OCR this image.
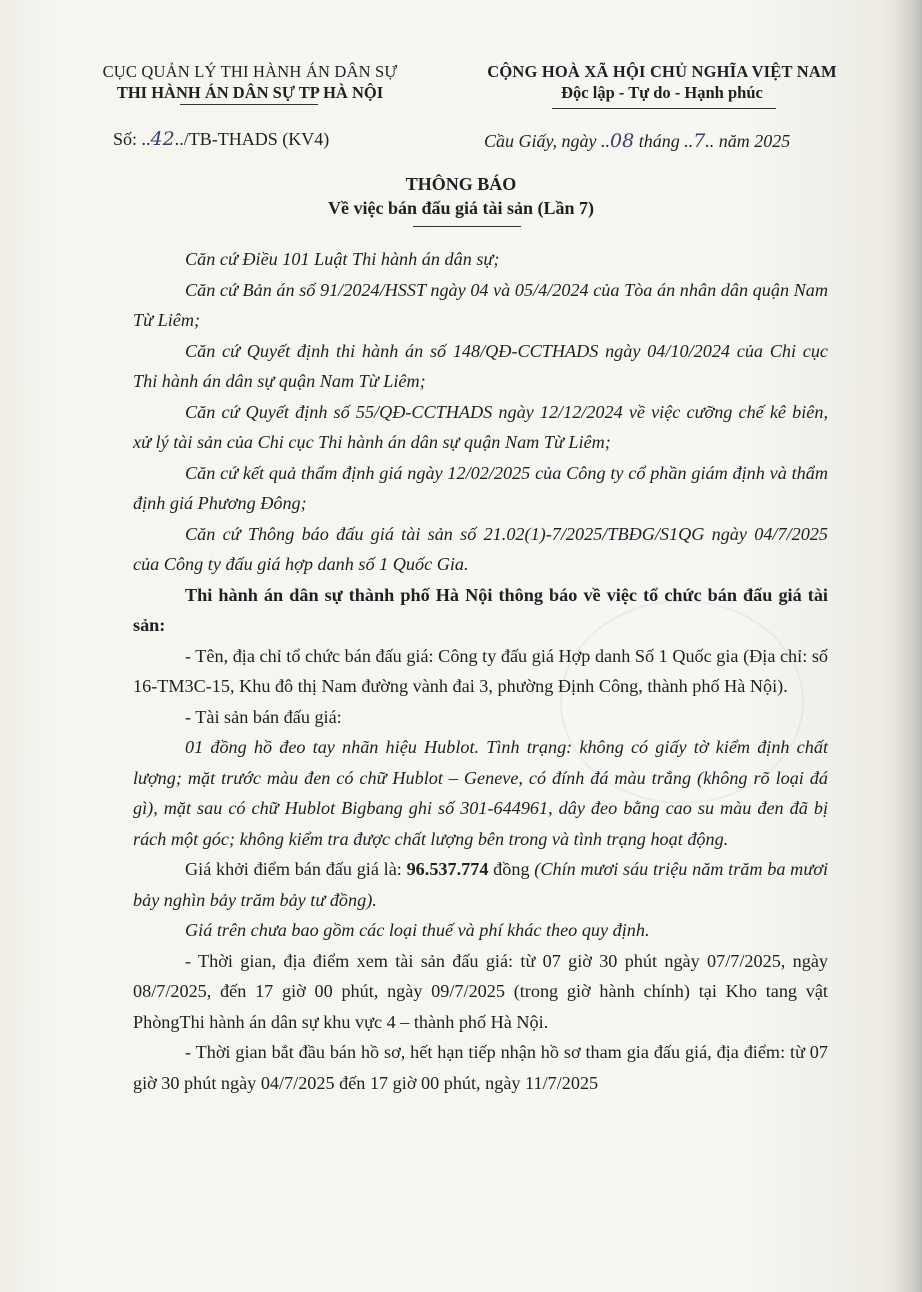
CỤC QUẢN LÝ THI HÀNH ÁN DÂN SỰ
THI HÀNH ÁN DÂN SỰ TP HÀ NỘI
CỘNG HOÀ XÃ HỘI CHỦ NGHĨA VIỆT NAM
Độc lập - Tự do - Hạnh phúc
Số: ..42../TB-THADS (KV4)	Cầu Giấy, ngày ..08 tháng ..7.. năm 2025
THÔNG BÁO
Về việc bán đấu giá tài sản (Lần 7)

Căn cứ Điều 101 Luật Thi hành án dân sự;

Căn cứ Bản án số 91/2024/HSST ngày 04 và 05/4/2024 của Tòa án nhân dân quận Nam Từ Liêm;

Căn cứ Quyết định thi hành án số 148/QĐ-CCTHADS ngày 04/10/2024 của Chi cục Thi hành án dân sự quận Nam Từ Liêm;

Căn cứ Quyết định số 55/QĐ-CCTHADS ngày 12/12/2024 về việc cưỡng chế kê biên, xử lý tài sản của Chi cục Thi hành án dân sự quận Nam Từ Liêm;

Căn cứ kết quả thẩm định giá ngày 12/02/2025 của Công ty cổ phần giám định và thẩm định giá Phương Đông;

Căn cứ Thông báo đấu giá tài sản số 21.02(1)-7/2025/TBĐG/S1QG ngày 04/7/2025 của Công ty đấu giá hợp danh số 1 Quốc Gia.

Thi hành án dân sự thành phố Hà Nội thông báo về việc tổ chức bán đấu giá tài sản:

- Tên, địa chỉ tổ chức bán đấu giá: Công ty đấu giá Hợp danh Số 1 Quốc gia (Địa chỉ: số 16-TM3C-15, Khu đô thị Nam đường vành đai 3, phường Định Công, thành phố Hà Nội).

- Tài sản bán đấu giá:

01 đồng hồ đeo tay nhãn hiệu Hublot. Tình trạng: không có giấy tờ kiểm định chất lượng; mặt trước màu đen có chữ Hublot – Geneve, có đính đá màu trắng (không rõ loại đá gì), mặt sau có chữ Hublot Bigbang ghi số 301-644961, dây đeo bằng cao su màu đen đã bị rách một góc; không kiểm tra được chất lượng bên trong và tình trạng hoạt động.

Giá khởi điểm bán đấu giá là: 96.537.774 đồng (Chín mươi sáu triệu năm trăm ba mươi bảy nghìn bảy trăm bảy tư đồng).

Giá trên chưa bao gồm các loại thuế và phí khác theo quy định.

- Thời gian, địa điểm xem tài sản đấu giá: từ 07 giờ 30 phút ngày 07/7/2025, ngày 08/7/2025, đến 17 giờ 00 phút, ngày 09/7/2025 (trong giờ hành chính) tại Kho tang vật PhòngThi hành án dân sự khu vực 4 – thành phố Hà Nội.

- Thời gian bắt đầu bán hồ sơ, hết hạn tiếp nhận hồ sơ tham gia đấu giá, địa điểm: từ 07 giờ 30 phút ngày 04/7/2025 đến 17 giờ 00 phút, ngày 11/7/2025
